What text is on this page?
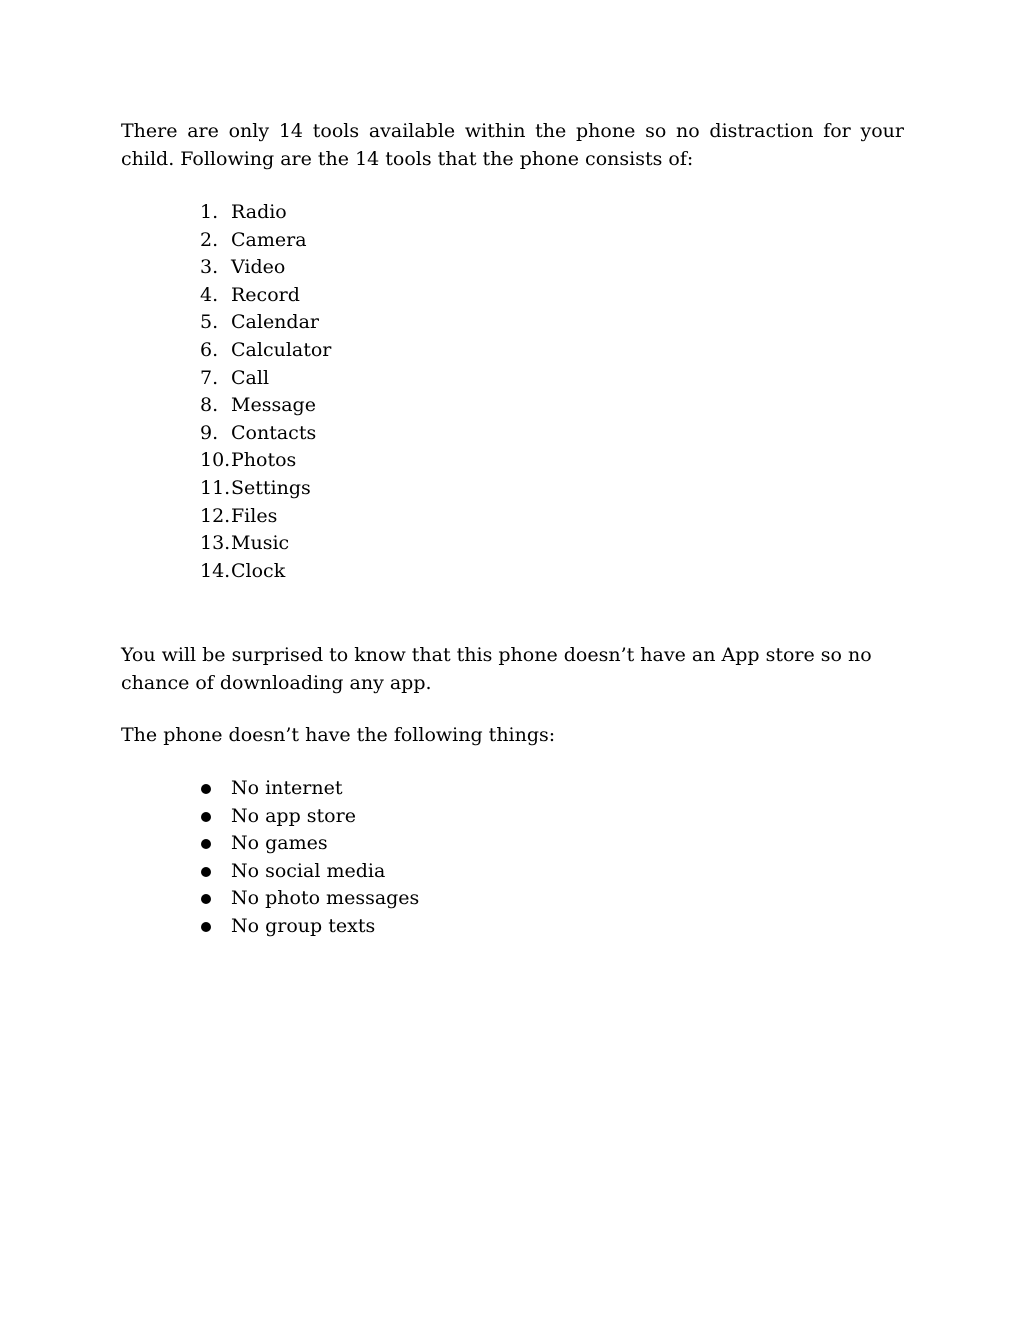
There are only 14 tools available within the phone so no distraction for your child. Following are the 14 tools that the phone consists of:

1. Radio
2. Camera
3. Video
4. Record
5. Calendar
6. Calculator
7. Call
8. Message
9. Contacts
10. Photos
11. Settings
12. Files
13. Music
14. Clock

You will be surprised to know that this phone doesn’t have an App store so no chance of downloading any app.

The phone doesn’t have the following things:

No internet
No app store
No games
No social media
No photo messages
No group texts
